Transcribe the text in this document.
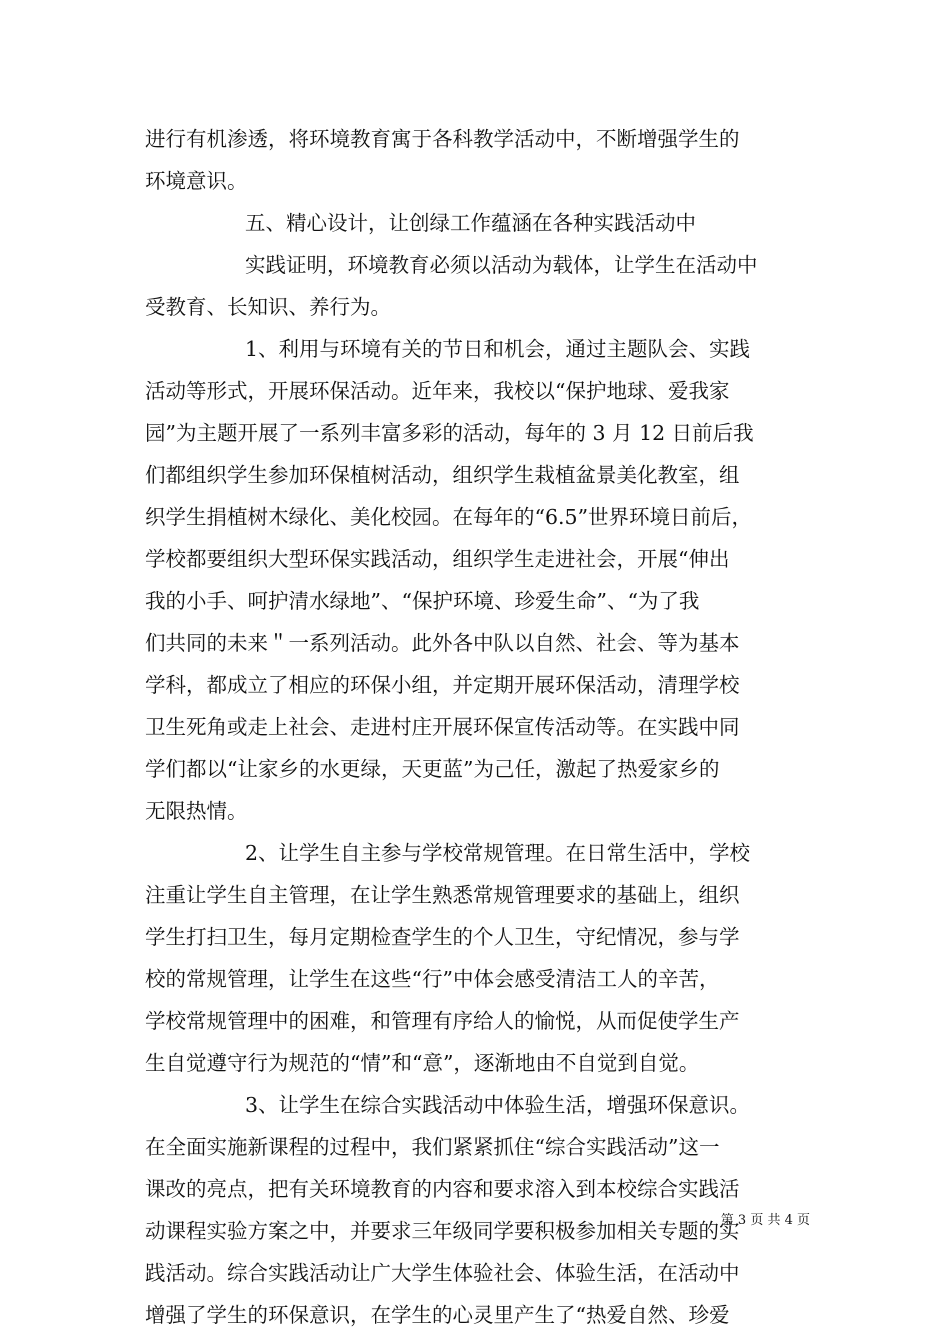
进行有机渗透，将环境教育寓于各科教学活动中，不断增强学生的
环境意识。
五、精心设计，让创绿工作蕴涵在各种实践活动中
实践证明，环境教育必须以活动为载体，让学生在活动中
受教育、长知识、养行为。
1、利用与环境有关的节日和机会，通过主题队会、实践
活动等形式，开展环保活动。近年来，我校以“保护地球、爱我家
园”为主题开展了一系列丰富多彩的活动，每年的 3 月 12 日前后我
们都组织学生参加环保植树活动，组织学生栽植盆景美化教室，组
织学生捐植树木绿化、美化校园。在每年的“6.5”世界环境日前后，
学校都要组织大型环保实践活动，组织学生走进社会，开展“伸出
我的小手、呵护清水绿地”、“保护环境、珍爱生命”、“为了我
们共同的未来＂一系列活动。此外各中队以自然、社会、等为基本
学科，都成立了相应的环保小组，并定期开展环保活动，清理学校
卫生死角或走上社会、走进村庄开展环保宣传活动等。在实践中同
学们都以“让家乡的水更绿，天更蓝”为己任，激起了热爱家乡的
无限热情。
2、让学生自主参与学校常规管理。在日常生活中，学校
注重让学生自主管理，在让学生熟悉常规管理要求的基础上，组织
学生打扫卫生，每月定期检查学生的个人卫生，守纪情况，参与学
校的常规管理，让学生在这些“行”中体会感受清洁工人的辛苦，
学校常规管理中的困难，和管理有序给人的愉悦，从而促使学生产
生自觉遵守行为规范的“情”和“意”，逐渐地由不自觉到自觉。
3、让学生在综合实践活动中体验生活，增强环保意识。
在全面实施新课程的过程中，我们紧紧抓住“综合实践活动”这一
课改的亮点，把有关环境教育的内容和要求溶入到本校综合实践活
动课程实验方案之中，并要求三年级同学要积极参加相关专题的实
践活动。综合实践活动让广大学生体验社会、体验生活，在活动中
增强了学生的环保意识，在学生的心灵里产生了“热爱自然、珍爱
第 3 页 共 4 页
